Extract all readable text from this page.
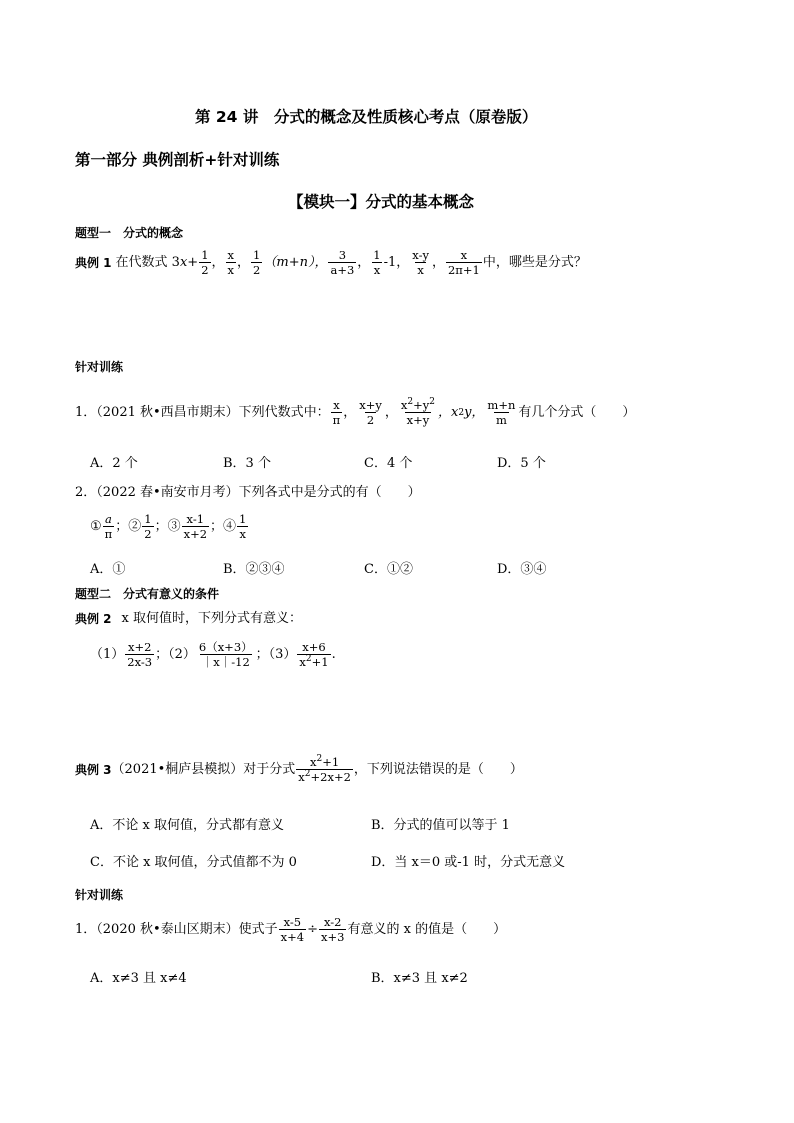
第 24 讲　分式的概念及性质核心考点（原卷版）
第一部分 典例剖析+针对训练
【模块一】分式的基本概念
题型一　分式的概念
典例 1 在代数式 3 $x + \frac{1}{2}$ ， $\frac{x}{x}$ ， $\frac{1}{2} (m+n)$， $\frac{3}{a+3}$ ， $\frac{1}{x} -1$， $\frac{x-y}{x}$ ， $\frac{x}{2\pi+1}$ 中，哪些是分式？
针对训练
1．（2021 秋•西昌市期末）下列代数式中： $\frac{x}{\pi}$ ， $\frac{x+y}{2}$ ， $\frac{x^2+y^2}{x+y}$ ，x 2 y， $\frac{m+n}{m}$ 有几个分式（　　）
A．2 个	B．3 个	C．4 个	D．5 个
2．（2022 春•南安市月考）下列各式中是分式的有（　　）
① $\frac{a}{\pi}$ ；② $\frac{1}{2}$ ；③ $\frac{x-1}{x+2}$ ；④ $\frac{1}{x}$
A．①	B．②③④	C．①②	D．③④
题型二　分式有意义的条件
典例 2 x 取何值时，下列分式有意义：
$(1) \frac{x+2}{2x-3}$ ；$(2) \frac{6(x+3)}{|x|-12}$ ；$(3) \frac{x+6}{x^2+1}$ .
典例 3 （2021•桐庐县模拟）对于分式 $\frac{x^2+1}{x^2+2x+2}$ ，下列说法错误的是（　　）
A．不论 x 取何值，分式都有意义	B．分式的值可以等于 1
C．不论 x 取何值，分式值都不为 0	D．当 x＝0 或-1 时，分式无意义
针对训练
1．（2020 秋•泰山区期末）使式子 $\frac{x-5}{x+4} \div \frac{x-2}{x+3}$ 有意义的 x 的值是（　　）
A．x≠3 且 x≠4	B．x≠3 且 x≠2
